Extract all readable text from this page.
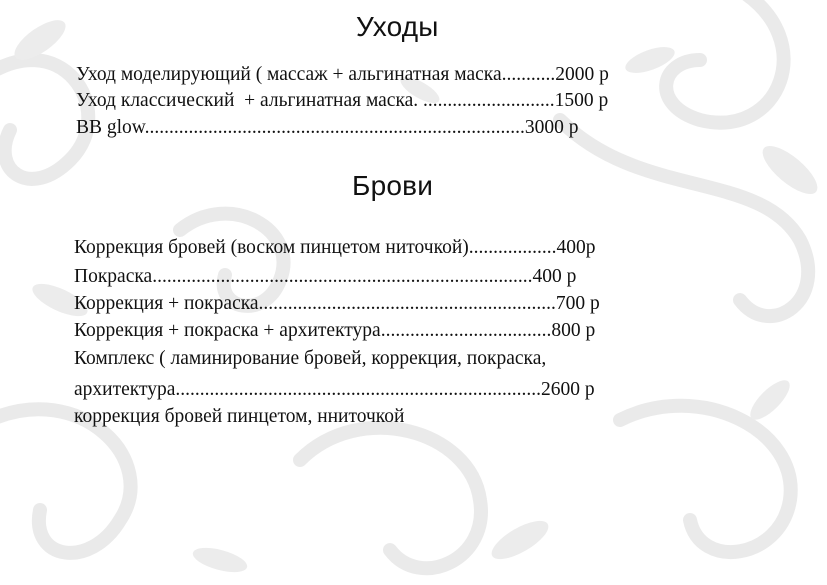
Уходы

Уход моделирующий ( массаж + альгинатная маска...........2000 р

Уход классический  + альгинатная маска. ...........................1500 р

BB glow..............................................................................3000 р

Брови

Коррекция бровей (воском пинцетом ниточкой)..................400р

Покраска..............................................................................400 р

Коррекция + покраска.............................................................700 р

Коррекция + покраска + архитектура...................................800 р

Комплекс ( ламинирование бровей, коррекция, покраска,

архитектура...........................................................................2600 р

коррекция бровей пинцетом, нниточкой
